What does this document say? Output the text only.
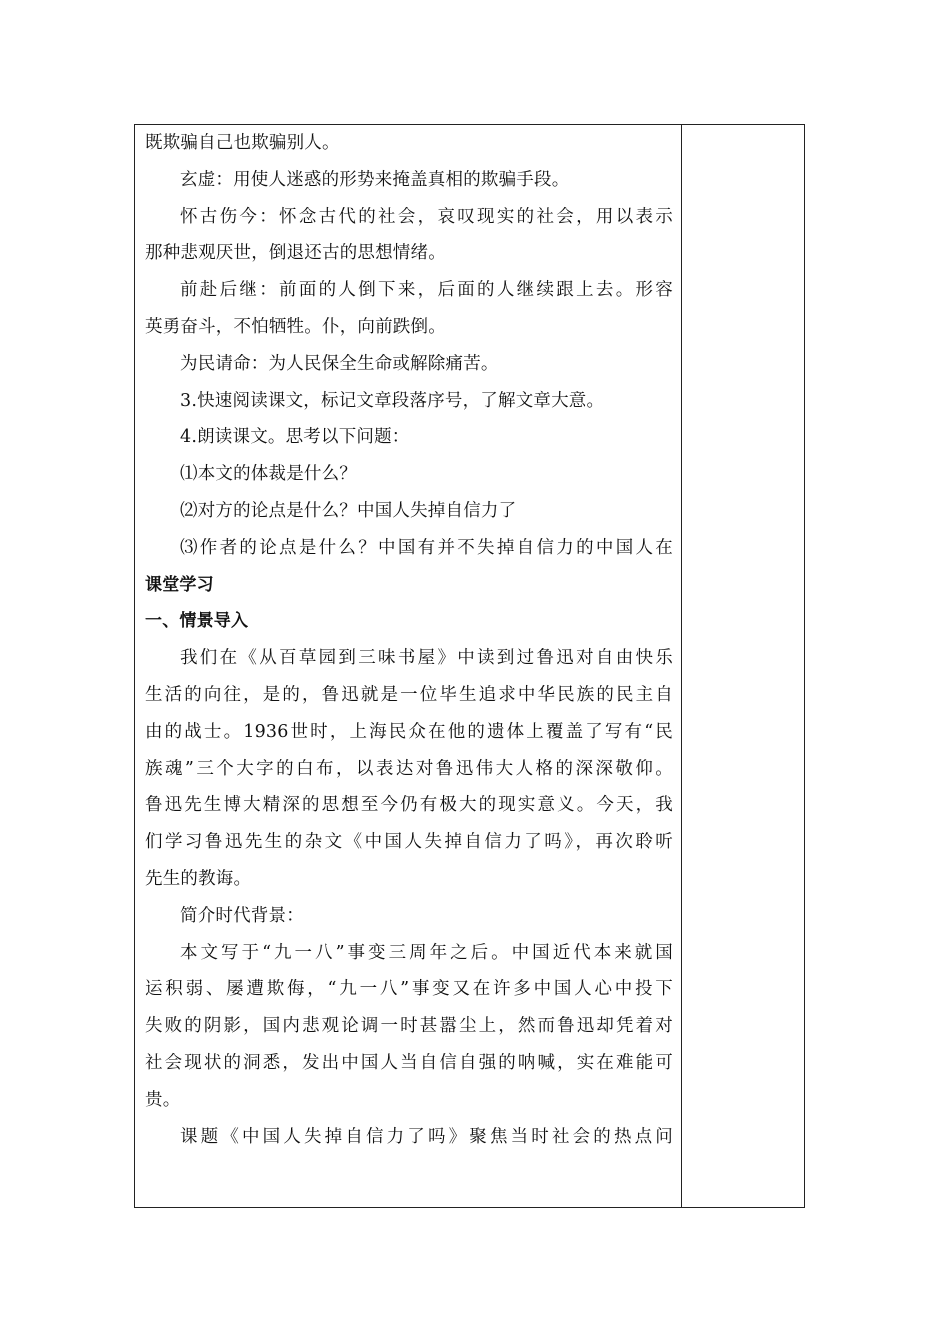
既欺骗自己也欺骗别人。
玄虚：用使人迷惑的形势来掩盖真相的欺骗手段。
怀古伤今：怀念古代的社会，哀叹现实的社会，用以表示
那种悲观厌世，倒退还古的思想情绪。
前赴后继：前面的人倒下来，后面的人继续跟上去。形容
英勇奋斗，不怕牺牲。仆，向前跌倒。
为民请命：为人民保全生命或解除痛苦。
3.快速阅读课文，标记文章段落序号，了解文章大意。
4.朗读课文。思考以下问题：
⑴本文的体裁是什么？
⑵对方的论点是什么？中国人失掉自信力了
⑶作者的论点是什么？中国有并不失掉自信力的中国人在
课堂学习
一、情景导入
我们在《从百草园到三味书屋》中读到过鲁迅对自由快乐
生活的向往，是的，鲁迅就是一位毕生追求中华民族的民主自
由的战士。1936世时，上海民众在他的遗体上覆盖了写有“民
族魂”三个大字的白布，以表达对鲁迅伟大人格的深深敬仰。
鲁迅先生博大精深的思想至今仍有极大的现实意义。今天，我
们学习鲁迅先生的杂文《中国人失掉自信力了吗》，再次聆听
先生的教诲。
简介时代背景：
本文写于“九一八”事变三周年之后。中国近代本来就国
运积弱、屡遭欺侮，“九一八”事变又在许多中国人心中投下
失败的阴影，国内悲观论调一时甚嚣尘上，然而鲁迅却凭着对
社会现状的洞悉，发出中国人当自信自强的呐喊，实在难能可
贵。
课题《中国人失掉自信力了吗》聚焦当时社会的热点问
